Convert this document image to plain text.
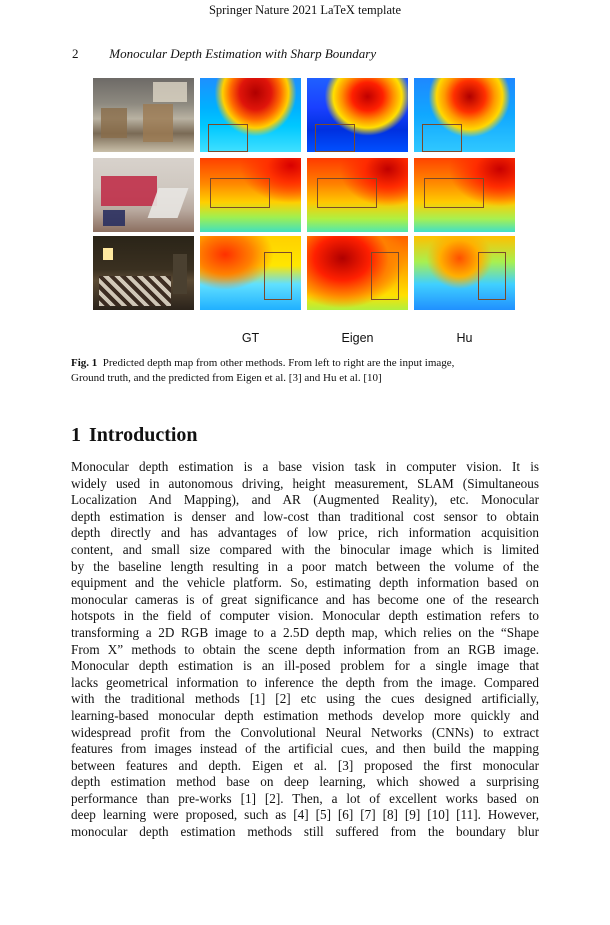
Springer Nature 2021 LaTeX template
2 Monocular Depth Estimation with Sharp Boundary
GT	Eigen	Hu
Fig. 1 Predicted depth map from other methods. From left to right are the input image,
Ground truth, and the predicted from Eigen et al. [3] and Hu et al. [10]
1 Introduction
Monocular depth estimation is a base vision task in computer vision. It is
widely used in autonomous driving, height measurement, SLAM (Simultaneous
Localization And Mapping), and AR (Augmented Reality), etc. Monocular
depth estimation is denser and low-cost than traditional cost sensor to obtain
depth directly and has advantages of low price, rich information acquisition
content, and small size compared with the binocular image which is limited
by the baseline length resulting in a poor match between the volume of the
equipment and the vehicle platform. So, estimating depth information based on
monocular cameras is of great significance and has become one of the research
hotspots in the field of computer vision. Monocular depth estimation refers to
transforming a 2D RGB image to a 2.5D depth map, which relies on the “Shape
From X” methods to obtain the scene depth information from an RGB image.
Monocular depth estimation is an ill-posed problem for a single image that
lacks geometrical information to inference the depth from the image. Compared
with the traditional methods [1] [2] etc using the cues designed artificially,
learning-based monocular depth estimation methods develop more quickly and
widespread profit from the Convolutional Neural Networks (CNNs) to extract
features from images instead of the artificial cues, and then build the mapping
between features and depth. Eigen et al. [3] proposed the first monocular
depth estimation method base on deep learning, which showed a surprising
performance than pre-works [1] [2]. Then, a lot of excellent works based on
deep learning were proposed, such as [4] [5] [6] [7] [8] [9] [10] [11]. However,
monocular depth estimation methods still suffered from the boundary blur
